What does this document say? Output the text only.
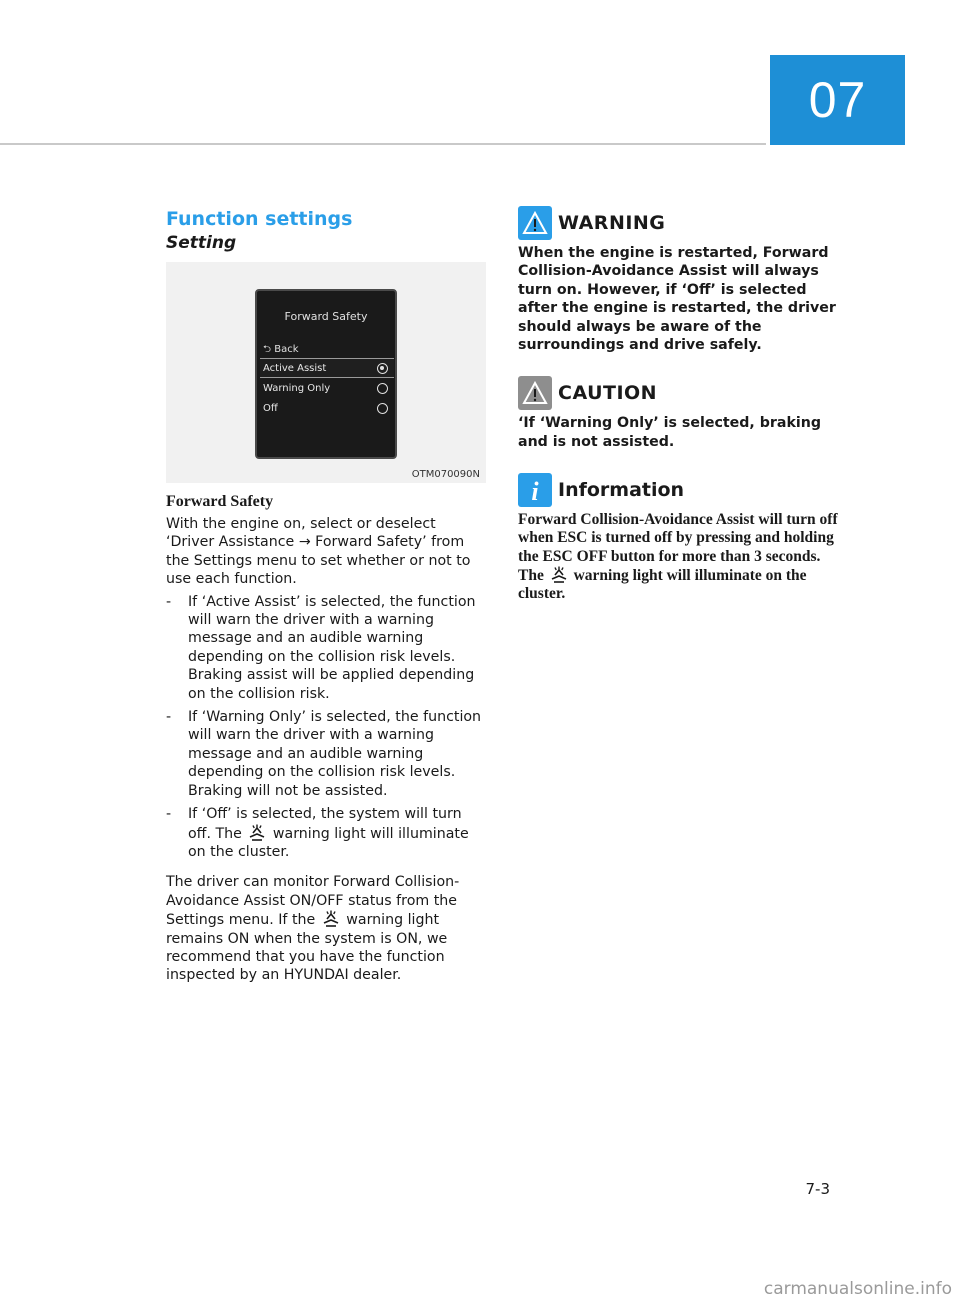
07
Function settings
Setting
Forward Safety
⮌ Back
Active Assist
Warning Only
Off
OTM070090N
Forward Safety
With the engine on, select or deselect ‘Driver Assistance → Forward Safety’ from the Settings menu to set whether or not to use each function.
- If ‘Active Assist’ is selected, the function will warn the driver with a warning message and an audible warning depending on the collision risk levels. Braking assist will be applied depending on the collision risk.
- If ‘Warning Only’ is selected, the function will warn the driver with a warning message and an audible warning depending on the collision risk levels. Braking will not be assisted.
- If ‘Off’ is selected, the system will turn off. The warning light will illuminate on the cluster.
The driver can monitor Forward Collision-Avoidance Assist ON/OFF status from the Settings menu. If the warning light remains ON when the system is ON, we recommend that you have the function inspected by an HYUNDAI dealer.
WARNING
When the engine is restarted, Forward Collision-Avoidance Assist will always turn on. However, if ‘Off’ is selected after the engine is restarted, the driver should always be aware of the surroundings and drive safely.
CAUTION
‘If ‘Warning Only’ is selected, braking and is not assisted.
i Information
Forward Collision-Avoidance Assist will turn off when ESC is turned off by pressing and holding the ESC OFF button for more than 3 seconds. The warning light will illuminate on the cluster.
7-3
carmanualsonline.info
